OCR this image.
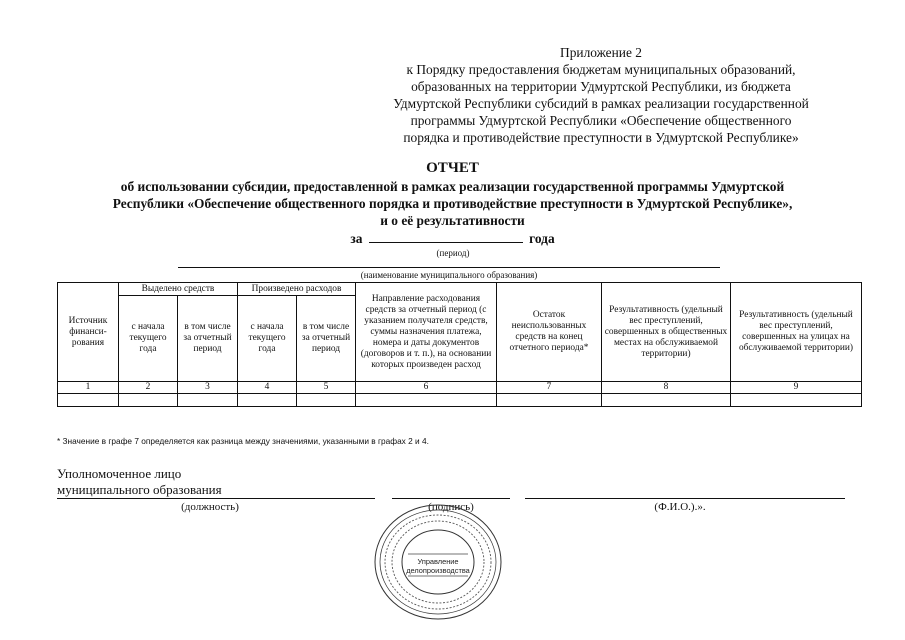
Приложение 2
к Порядку предоставления бюджетам муниципальных образований,
образованных на территории Удмуртской Республики, из бюджета
Удмуртской Республики субсидий в рамках реализации государственной
программы Удмуртской Республики «Обеспечение общественного
порядка и противодействие преступности в Удмуртской Республике»
ОТЧЕТ
об использовании субсидии, предоставленной в рамках реализации государственной программы Удмуртской
Республики «Обеспечение общественного порядка и противодействие преступности в Удмуртской Республике»,
и о её результативности
за	года
(период)
(наименование муниципального образования)
Источник финанси-рования	Выделено средств		Произведено расходов		Направление расходования средств за отчетный период (с указанием получателя средств, суммы назначения платежа, номера и даты документов (договоров и т. п.), на основании которых произведен расход	Остаток неиспользованных средств на конец отчетного периода*	Результативность (удельный вес преступлений, совершенных в общественных местах на обслуживаемой территории)	Результативность (удельный вес преступлений, совершенных на улицах на обслуживаемой территории)
	с начала текущего года	в том числе за отчетный период	с начала текущего года	в том числе за отчетный период				
1	2	3	4	5	6	7	8	9

* Значение в графе 7 определяется как разница между значениями, указанными в графах 2 и 4.
Уполномоченное лицо
муниципального образования
(должность)	(подпись)	(Ф.И.О.).».
Управление
делопроизводства
